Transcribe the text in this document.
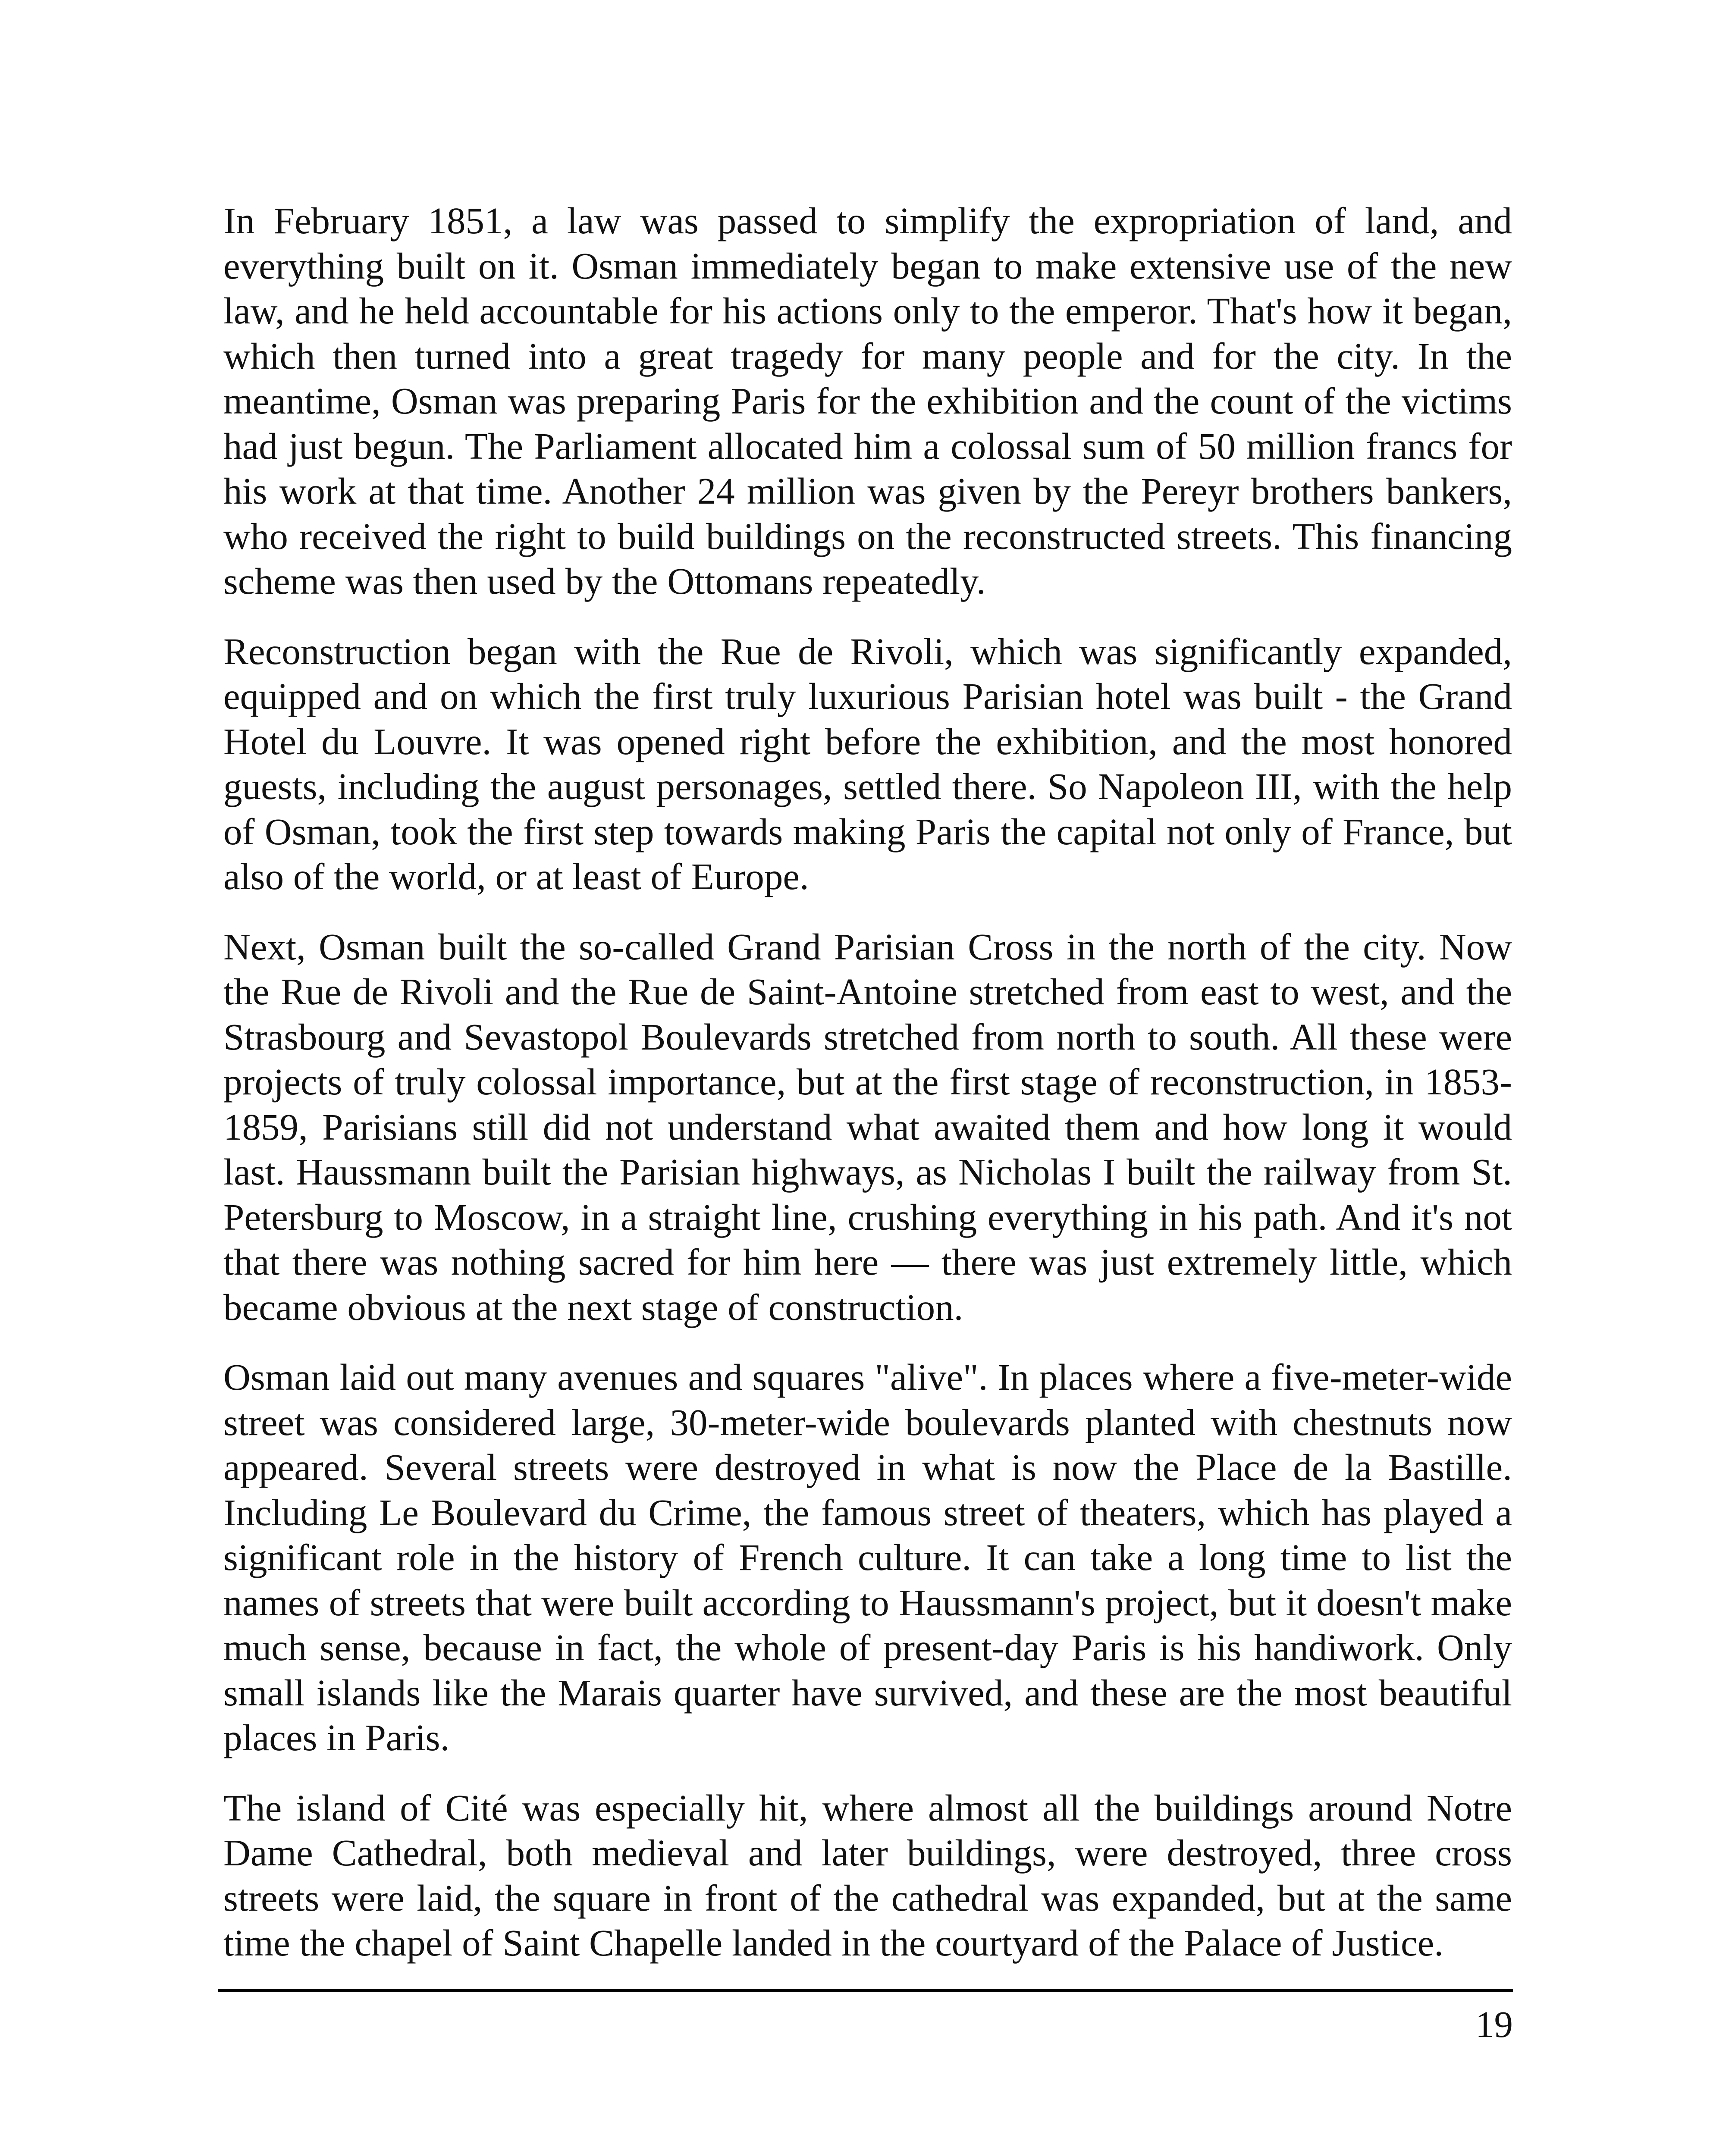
In February 1851, a law was passed to simplify the expropriation of land, and everything built on it. Osman immediately began to make extensive use of the new law, and he held accountable for his actions only to the emperor. That's how it began, which then turned into a great tragedy for many people and for the city. In the meantime, Osman was preparing Paris for the exhibition and the count of the victims had just begun. The Parliament allocated him a colossal sum of 50 million francs for his work at that time. Another 24 million was given by the Pereyr brothers bankers, who received the right to build buildings on the reconstructed streets. This financing scheme was then used by the Ottomans repeatedly.

Reconstruction began with the Rue de Rivoli, which was significantly expanded, equipped and on which the first truly luxurious Parisian hotel was built - the Grand Hotel du Louvre. It was opened right before the exhibition, and the most honored guests, including the august personages, settled there. So Napoleon III, with the help of Osman, took the first step towards making Paris the capital not only of France, but also of the world, or at least of Europe.

Next, Osman built the so-called Grand Parisian Cross in the north of the city. Now the Rue de Rivoli and the Rue de Saint-Antoine stretched from east to west, and the Strasbourg and Sevastopol Boulevards stretched from north to south. All these were projects of truly colossal importance, but at the first stage of reconstruction, in 1853-1859, Parisians still did not understand what awaited them and how long it would last. Haussmann built the Parisian highways, as Nicholas I built the railway from St. Petersburg to Moscow, in a straight line, crushing everything in his path. And it's not that there was nothing sacred for him here — there was just extremely little, which became obvious at the next stage of construction.

Osman laid out many avenues and squares "alive". In places where a five-meter-wide street was considered large, 30-meter-wide boulevards planted with chestnuts now appeared. Several streets were destroyed in what is now the Place de la Bastille. Including Le Boulevard du Crime, the famous street of theaters, which has played a significant role in the history of French culture. It can take a long time to list the names of streets that were built according to Haussmann's project, but it doesn't make much sense, because in fact, the whole of present-day Paris is his handiwork. Only small islands like the Marais quarter have survived, and these are the most beautiful places in Paris.

The island of Cité was especially hit, where almost all the buildings around Notre Dame Cathedral, both medieval and later buildings, were destroyed, three cross streets were laid, the square in front of the cathedral was expanded, but at the same time the chapel of Saint Chapelle landed in the courtyard of the Palace of Justice.

19
